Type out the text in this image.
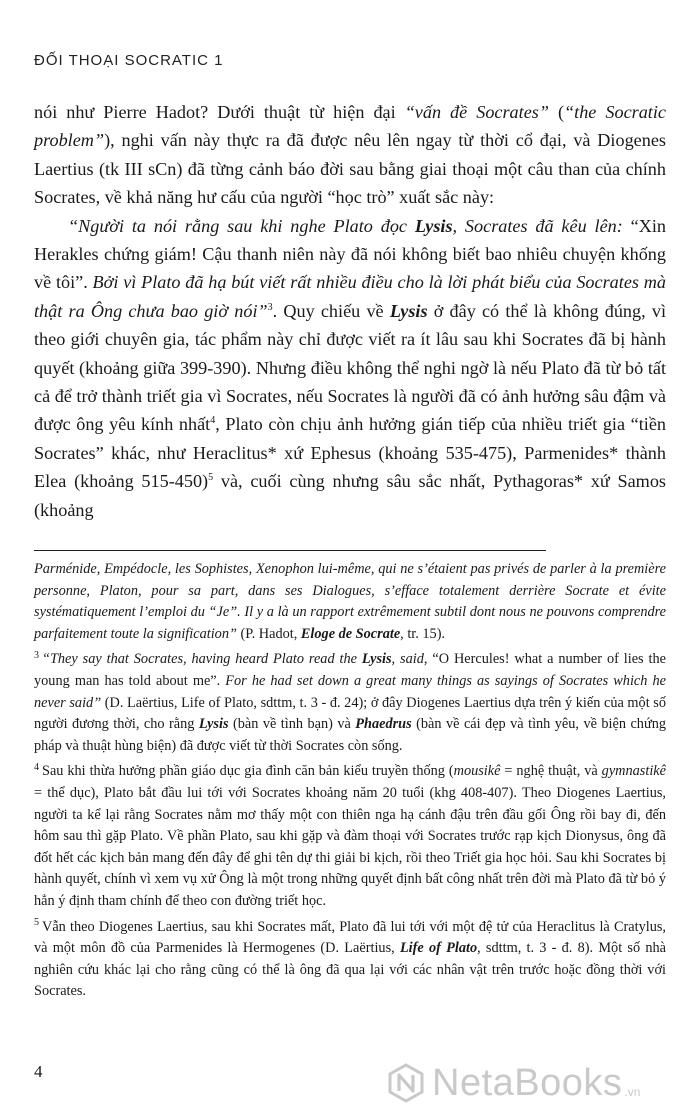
ĐỐI THOẠI SOCRATIC 1

nói như Pierre Hadot? Dưới thuật từ hiện đại “vấn đề Socrates” (“the Socratic problem”), nghi vấn này thực ra đã được nêu lên ngay từ thời cổ đại, và Diogenes Laertius (tk III sCn) đã từng cảnh báo đời sau bằng giai thoại một câu than của chính Socrates, về khả năng hư cấu của người “học trò” xuất sắc này:

“Người ta nói rằng sau khi nghe Plato đọc Lysis, Socrates đã kêu lên: “Xin Herakles chứng giám! Cậu thanh niên này đã nói không biết bao nhiêu chuyện khống về tôi”. Bởi vì Plato đã hạ bút viết rất nhiều điều cho là lời phát biểu của Socrates mà thật ra Ông chưa bao giờ nói”$^3$. Quy chiếu về Lysis ở đây có thể là không đúng, vì theo giới chuyên gia, tác phẩm này chỉ được viết ra ít lâu sau khi Socrates đã bị hành quyết (khoảng giữa 399-390). Nhưng điều không thể nghi ngờ là nếu Plato đã từ bỏ tất cả để trở thành triết gia vì Socrates, nếu Socrates là người đã có ảnh hưởng sâu đậm và được ông yêu kính nhất$^4$, Plato còn chịu ảnh hưởng gián tiếp của nhiều triết gia “tiền Socrates” khác, như Heraclitus* xứ Ephesus (khoảng 535-475), Parmenides* thành Elea (khoảng 515-450)$^5$ và, cuối cùng nhưng sâu sắc nhất, Pythagoras* xứ Samos (khoảng

Parménide, Empédocle, les Sophistes, Xenophon lui-même, qui ne s’étaient pas privés de parler à la première personne, Platon, pour sa part, dans ses Dialogues, s’efface totalement derrière Socrate et évite systématiquement l’emploi du “Je”. Il y a là un rapport extrêmement subtil dont nous ne pouvons comprendre parfaitement toute la signification” (P. Hadot, Eloge de Socrate, tr. 15).

$^3$ “They say that Socrates, having heard Plato read the Lysis, said, “O Hercules! what a number of lies the young man has told about me”. For he had set down a great many things as sayings of Socrates which he never said” (D. Laërtius, Life of Plato, sdttm, t. 3 - đ. 24); ở đây Diogenes Laertius dựa trên ý kiến của một số người đương thời, cho rằng Lysis (bàn về tình bạn) và Phaedrus (bàn về cái đẹp và tình yêu, về biện chứng pháp và thuật hùng biện) đã được viết từ thời Socrates còn sống.

$^4$ Sau khi thừa hưởng phần giáo dục gia đình căn bản kiểu truyền thống (mousikê = nghệ thuật, và gymnastikê = thể dục), Plato bắt đầu lui tới với Socrates khoảng năm 20 tuổi (khg 408-407). Theo Diogenes Laertius, người ta kể lại rằng Socrates nằm mơ thấy một con thiên nga hạ cánh đậu trên đầu gối Ông rồi bay đi, đến hôm sau thì gặp Plato. Về phần Plato, sau khi gặp và đàm thoại với Socrates trước rạp kịch Dionysus, ông đã đốt hết các kịch bản mang đến đây để ghi tên dự thi giải bi kịch, rồi theo Triết gia học hỏi. Sau khi Socrates bị hành quyết, chính vì xem vụ xử Ông là một trong những quyết định bất công nhất trên đời mà Plato đã từ bỏ ý hẳn ý định tham chính để theo con đường triết học.

$^5$ Vẫn theo Diogenes Laertius, sau khi Socrates mất, Plato đã lui tới với một đệ tử của Heraclitus là Cratylus, và một môn đồ của Parmenides là Hermogenes (D. Laërtius, Life of Plato, sdttm, t. 3 - đ. 8). Một số nhà nghiên cứu khác lại cho rằng cũng có thể là ông đã qua lại với các nhân vật trên trước hoặc đồng thời với Socrates.

4	NetaBooks .vn
